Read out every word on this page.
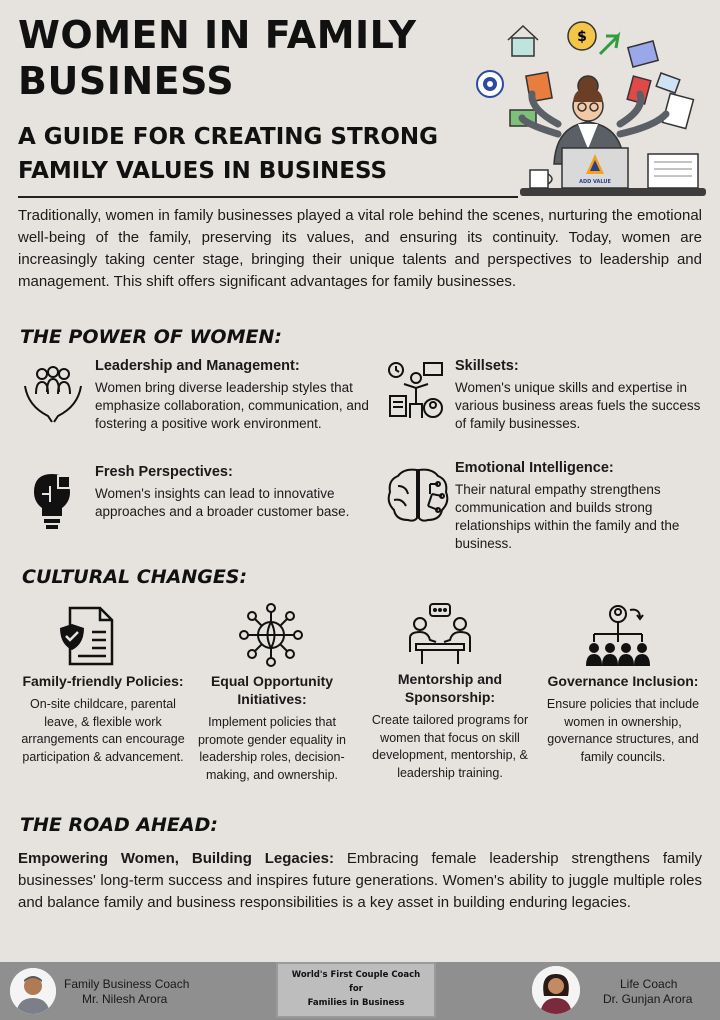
WOMEN IN FAMILY BUSINESS
A GUIDE FOR CREATING STRONG FAMILY VALUES IN BUSINESS
$
ADD VALUE
Traditionally, women in family businesses played a vital role behind the scenes, nurturing the emotional well-being of the family, preserving its values, and ensuring its continuity. Today, women are increasingly taking center stage, bringing their unique talents and perspectives to leadership and management. This shift offers significant advantages for family businesses.
THE POWER OF WOMEN:
Leadership and Management:
Women bring diverse leadership styles that emphasize collaboration, communication, and fostering a positive work environment.
Skillsets:
Women's unique skills and expertise in various business areas fuels the success of family businesses.
Fresh Perspectives:
Women's insights can lead to innovative approaches and a broader customer base.
Emotional Intelligence:
Their natural empathy strengthens communication and builds strong relationships within the family and the business.
CULTURAL CHANGES:
Family-friendly Policies:
On-site childcare, parental leave, & flexible work arrangements can encourage participation & advancement.
Equal Opportunity Initiatives:
Implement policies that promote gender equality in leadership roles, decision-making, and ownership.
Mentorship and Sponsorship:
Create tailored programs for women that focus on skill development, mentorship, & leadership training.
Governance Inclusion:
Ensure policies that include women in ownership, governance structures, and family councils.
THE ROAD AHEAD:
Empowering Women, Building Legacies: Embracing female leadership strengthens family businesses' long-term success and inspires future generations. Women's ability to juggle multiple roles and balance family and business responsibilities is a key asset in building enduring legacies.
Family Business Coach
Mr. Nilesh Arora
World's First Couple Coach
for
Families in Business
Life Coach
Dr. Gunjan Arora
